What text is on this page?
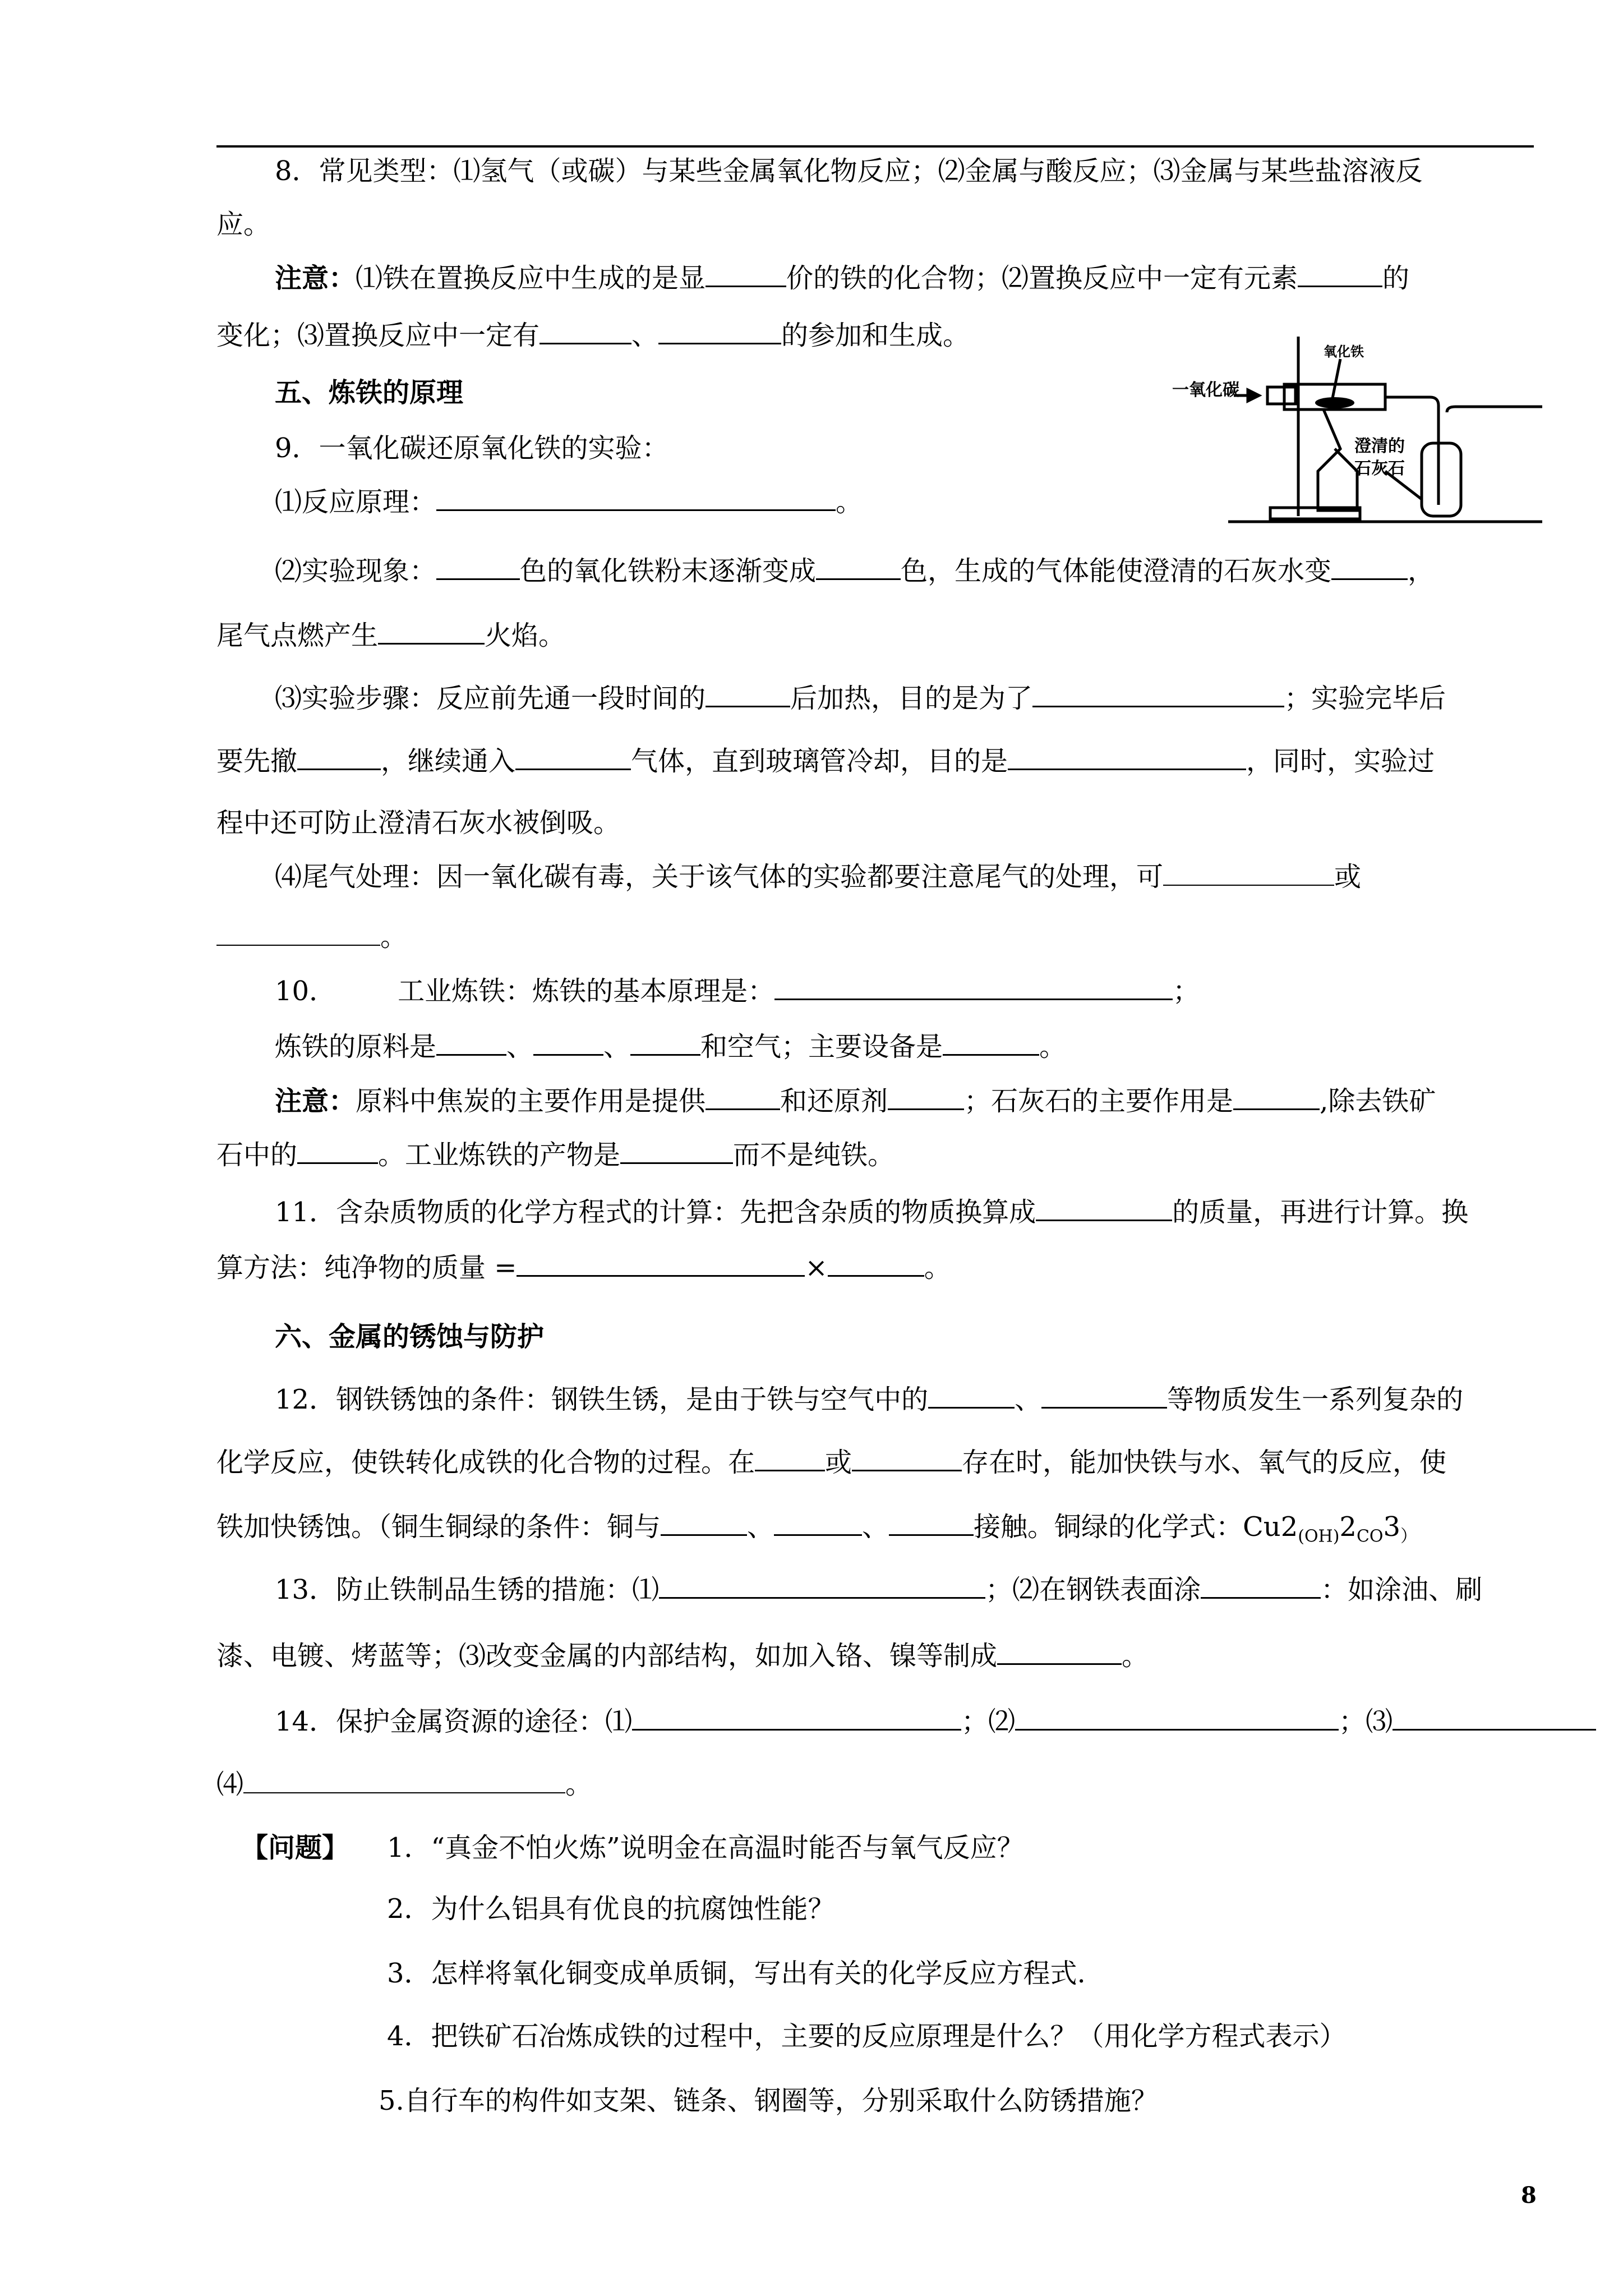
8．常见类型：⑴氢气（或碳）与某些金属氧化物反应；⑵金属与酸反应；⑶金属与某些盐溶液反
应。
注意：⑴铁在置换反应中生成的是显	价的铁的化合物；⑵置换反应中一定有元素	的
变化；⑶置换反应中一定有	、	的参加和生成。
五、炼铁的原理	一氧化碳
氧化铁
澄清的
石灰石
9．一氧化碳还原氧化铁的实验：
⑴反应原理：	。
⑵实验现象：	色的氧化铁粉末逐渐变成	色，生成的气体能使澄清的石灰水变	，
尾气点燃产生	火焰。
⑶实验步骤：反应前先通一段时间的	后加热，目的是为了	；实验完毕后
要先撤	，继续通入	气体，直到玻璃管冷却，目的是	，同时，实验过
程中还可防止澄清石灰水被倒吸。
⑷尾气处理：因一氧化碳有毒，关于该气体的实验都要注意尾气的处理，可	或
。
10． 工业炼铁：炼铁的基本原理是：	；
炼铁的原料是	、	、	和空气；主要设备是	。
注意：原料中焦炭的主要作用是提供	和还原剂	；石灰石的主要作用是	,除去铁矿
石中的	。工业炼铁的产物是	而不是纯铁。
11．含杂质物质的化学方程式的计算：先把含杂质的物质换算成	的质量，再进行计算。换
算方法：纯净物的质量 =	×	。
六、金属的锈蚀与防护
12．钢铁锈蚀的条件：钢铁生锈，是由于铁与空气中的	、	等物质发生一系列复杂的
化学反应，使铁转化成铁的化合物的过程。在	或	存在时，能加快铁与水、氧气的反应，使
铁加快锈蚀。（铜生铜绿的条件：铜与	、	、	接触。铜绿的化学式：$Cu2_{(OH)}2_{CO}3_)$
13．防止铁制品生锈的措施：⑴	；⑵在钢铁表面涂	：如涂油、刷
漆、电镀、烤蓝等；⑶改变金属的内部结构，如加入铬、镍等制成	。
14．保护金属资源的途径：⑴	；⑵	；⑶
⑷	。
【问题】 1．“真金不怕火炼”说明金在高温时能否与氧气反应？
2．为什么铝具有优良的抗腐蚀性能？
3．怎样将氧化铜变成单质铜，写出有关的化学反应方程式.
4．把铁矿石冶炼成铁的过程中，主要的反应原理是什么？（用化学方程式表示）
5.自行车的构件如支架、链条、钢圈等，分别采取什么防锈措施？
8
